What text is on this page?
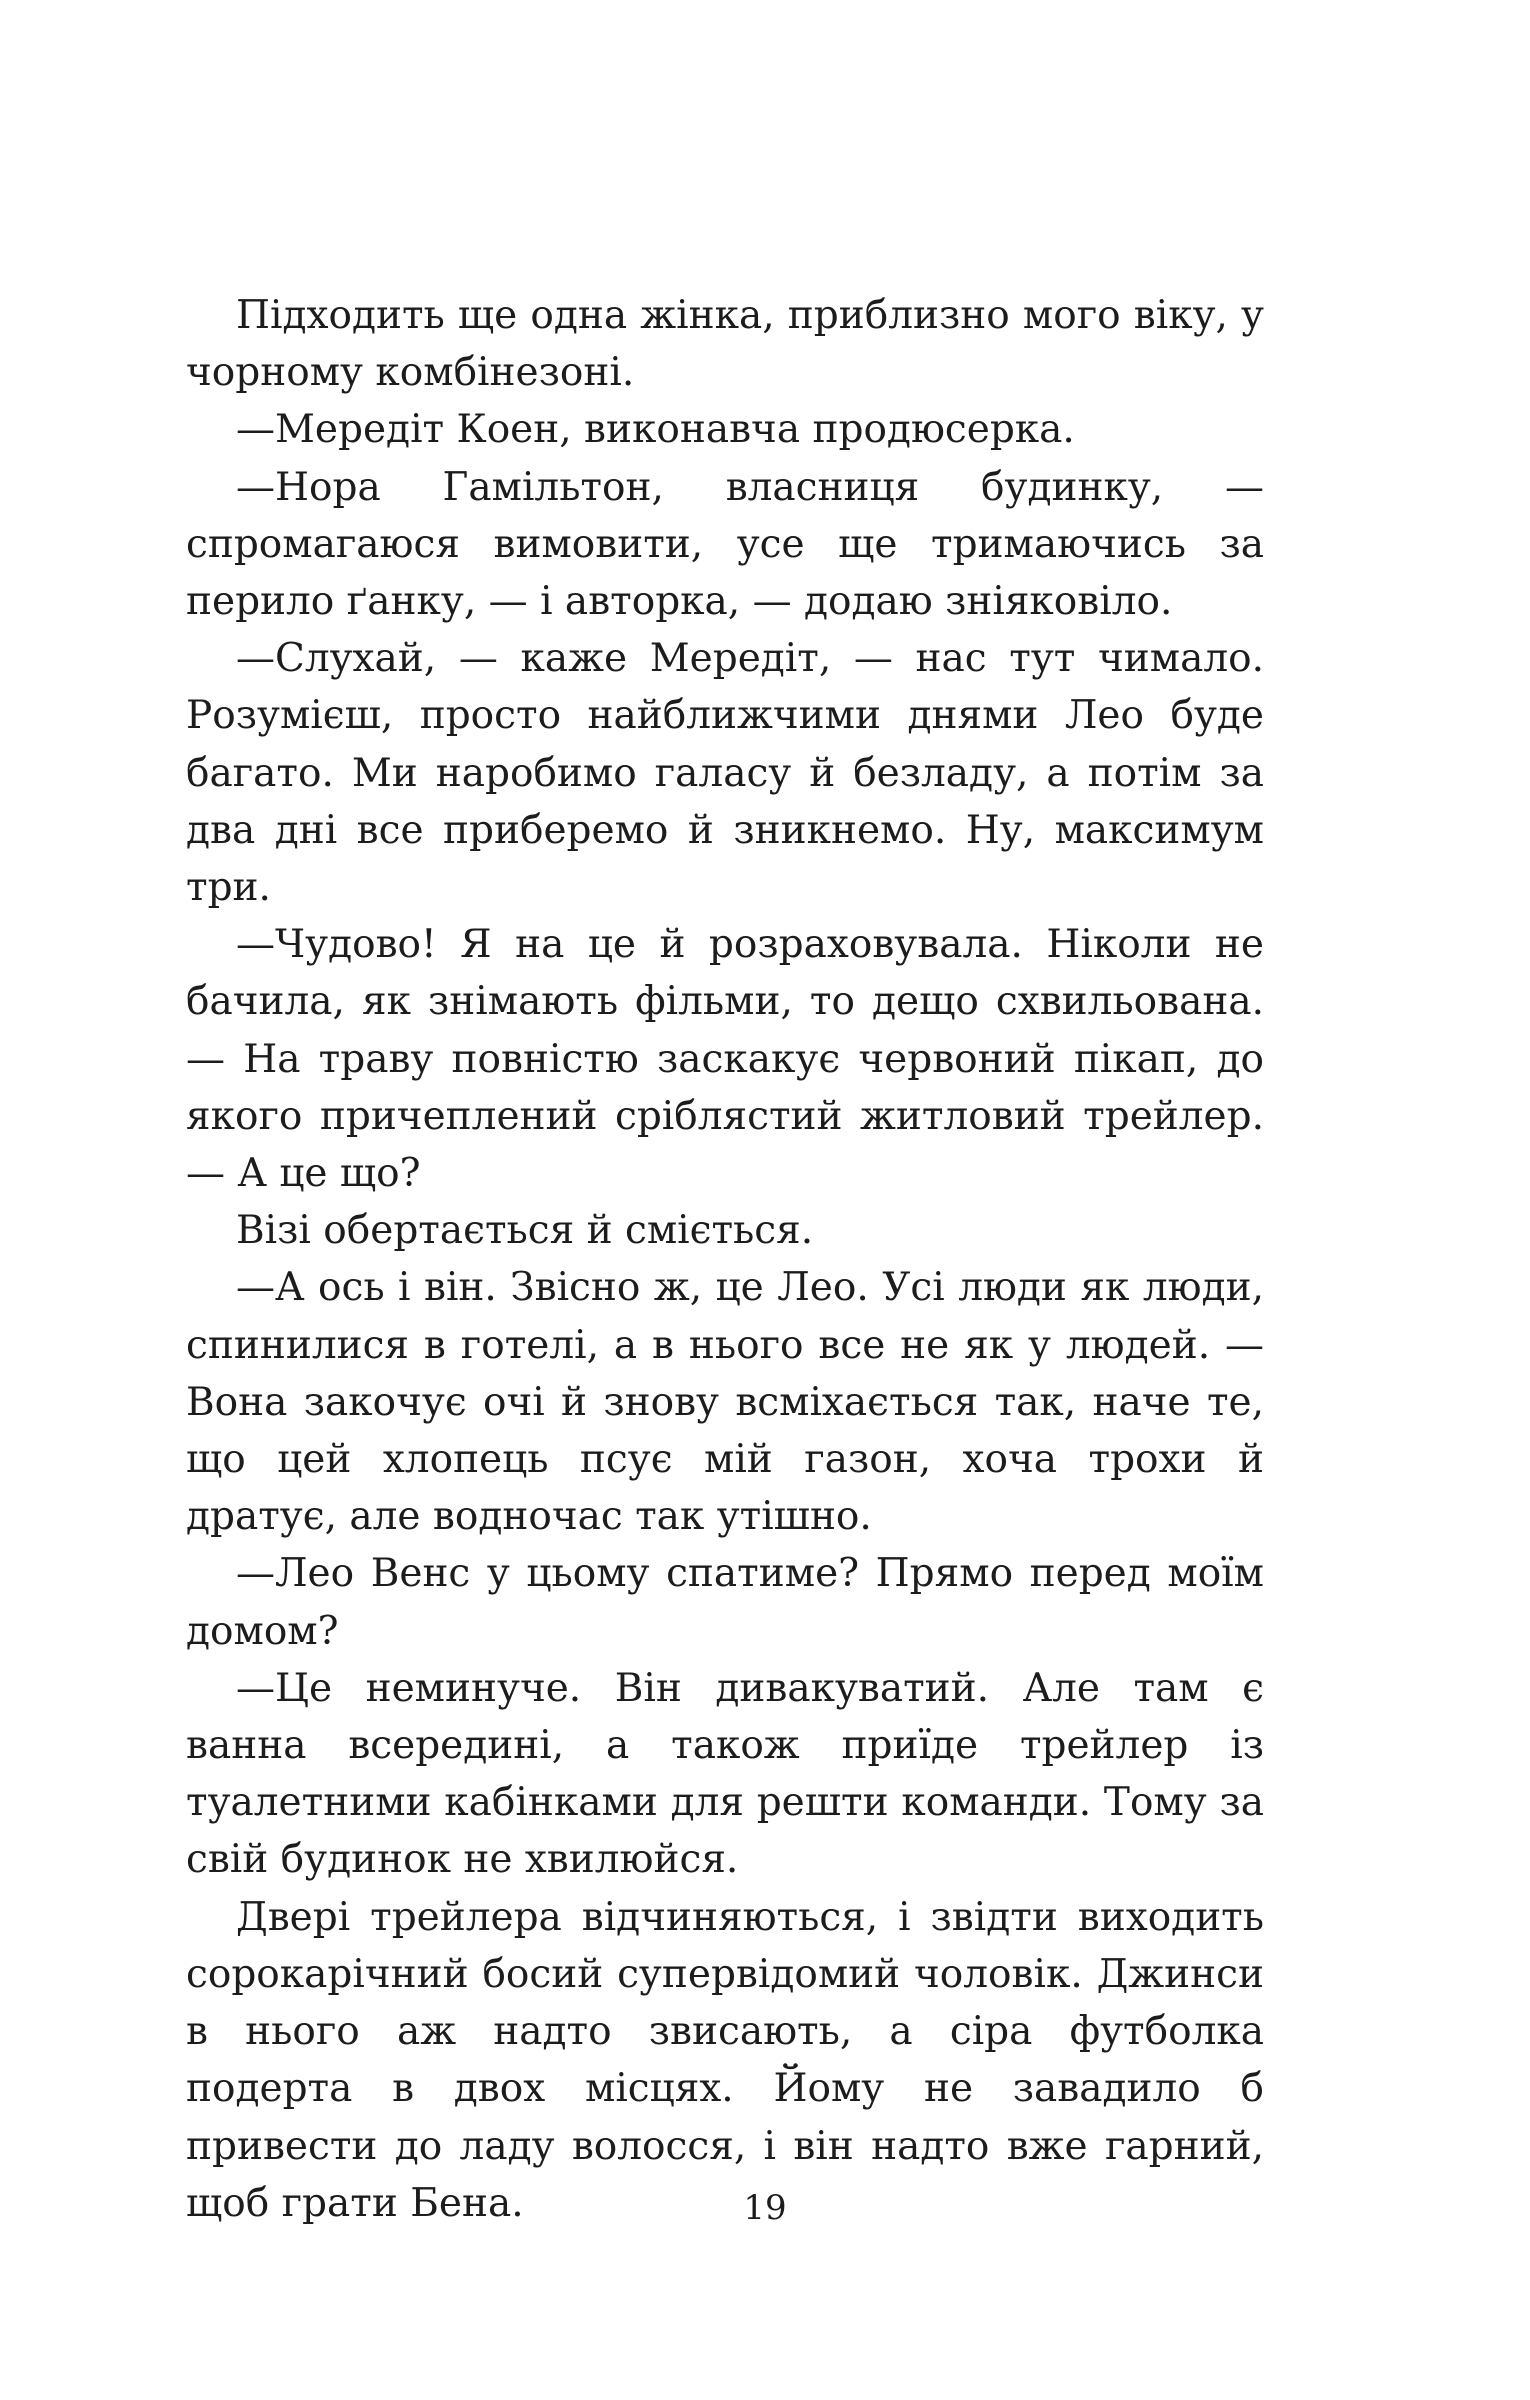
Підходить ще одна жінка, приблизно мого віку, у чорному комбінезоні.

—Мередіт Коен, виконавча продюсерка.

—Нора Гамільтон, власниця будинку, — спромагаюся вимовити, усе ще тримаючись за перило ґанку, — і авторка, — додаю зніяковіло.

—Слухай, — каже Мередіт, — нас тут чимало. Розумієш, просто найближчими днями Лео буде багато. Ми наробимо галасу й безладу, а потім за два дні все приберемо й зникнемо. Ну, максимум три.

—Чудово! Я на це й розраховувала. Ніколи не бачила, як знімають фільми, то дещо схвильована. — На траву повністю заскакує червоний пікап, до якого причеплений сріблястий житловий трейлер. — А це що?

Візі обертається й сміється.

—А ось і він. Звісно ж, це Лео. Усі люди як люди, спинилися в готелі, а в нього все не як у людей. — Вона закочує очі й знову всміхається так, наче те, що цей хлопець псує мій газон, хоча трохи й дратує, але водночас так утішно.

—Лео Венс у цьому спатиме? Прямо перед моїм домом?

—Це неминуче. Він дивакуватий. Але там є ванна всередині, а також приїде трейлер із туалетними кабінками для решти команди. Тому за свій будинок не хвилюйся.

Двері трейлера відчиняються, і звідти виходить сорокарічний босий супервідомий чоловік. Джинси в нього аж надто звисають, а сіра футболка подерта в двох місцях. Йому не завадило б привести до ладу волосся, і він надто вже гарний, щоб грати Бена.	19
